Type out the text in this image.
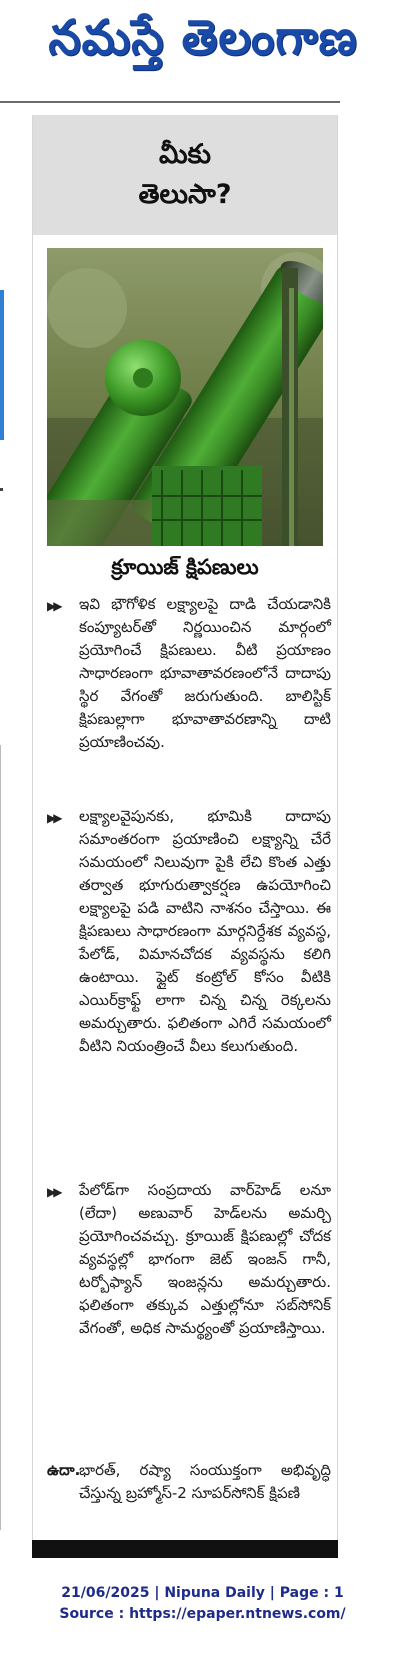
నమస్తే తెలంగాణ
మీకు
తెలుసా?
క్రూయిజ్ క్షిపణులు
▶▶	ఇవి భౌగోళిక లక్ష్యాలపై దాడి చేయడానికి కంప్యూటర్‌తో నిర్ణయించిన మార్గంలో ప్రయోగించే క్షిపణులు. వీటి ప్రయాణం సాధారణంగా భూవాతావరణంలోనే దాదాపు స్థిర వేగంతో జరుగుతుంది. బాలిస్టిక్ క్షిపణుల్లాగా భూవాతావరణాన్ని దాటి ప్రయాణించవు.
▶▶	లక్ష్యాలవైపునకు, భూమికి దాదాపు సమాంతరంగా ప్రయాణించి లక్ష్యాన్ని చేరే సమయంలో నిలువుగా పైకి లేచి కొంత ఎత్తు తర్వాత భూగురుత్వాకర్షణ ఉపయోగించి లక్ష్యాలపై పడి వాటిని నాశనం చేస్తాయి. ఈ క్షిపణులు సాధారణంగా మార్గనిర్దేశక వ్యవస్థ, పేలోడ్, విమానచోదక వ్యవస్థను కలిగి ఉంటాయి. ఫ్లైట్ కంట్రోల్ కోసం వీటికి ఎయిర్‌క్రాఫ్ట్ లాగా చిన్న చిన్న రెక్కలను అమర్చుతారు. ఫలితంగా ఎగిరే సమయంలో వీటిని నియంత్రించే వీలు కలుగుతుంది.
▶▶	పేలోడ్‌గా సంప్రదాయ వార్‌హెడ్ లనూ (లేదా) అణువార్ హెడ్‌లను అమర్చి ప్రయోగించవచ్చు. క్రూయిజ్ క్షిపణుల్లో చోదక వ్యవస్థల్లో భాగంగా జెట్ ఇంజన్ గానీ, టర్బోఫ్యాన్ ఇంజన్లను అమర్చుతారు. ఫలితంగా తక్కువ ఎత్తుల్లోనూ సబ్‌సోనిక్ వేగంతో, అధిక సామర్థ్యంతో ప్రయాణిస్తాయి.
ఉదా.
భారత్, రష్యా సంయుక్తంగా అభివృద్ధి చేస్తున్న బ్రహ్మోస్-2 సూపర్‌సోనిక్ క్షిపణి
21/06/2025 | Nipuna Daily | Page : 1
Source : https://epaper.ntnews.com/
